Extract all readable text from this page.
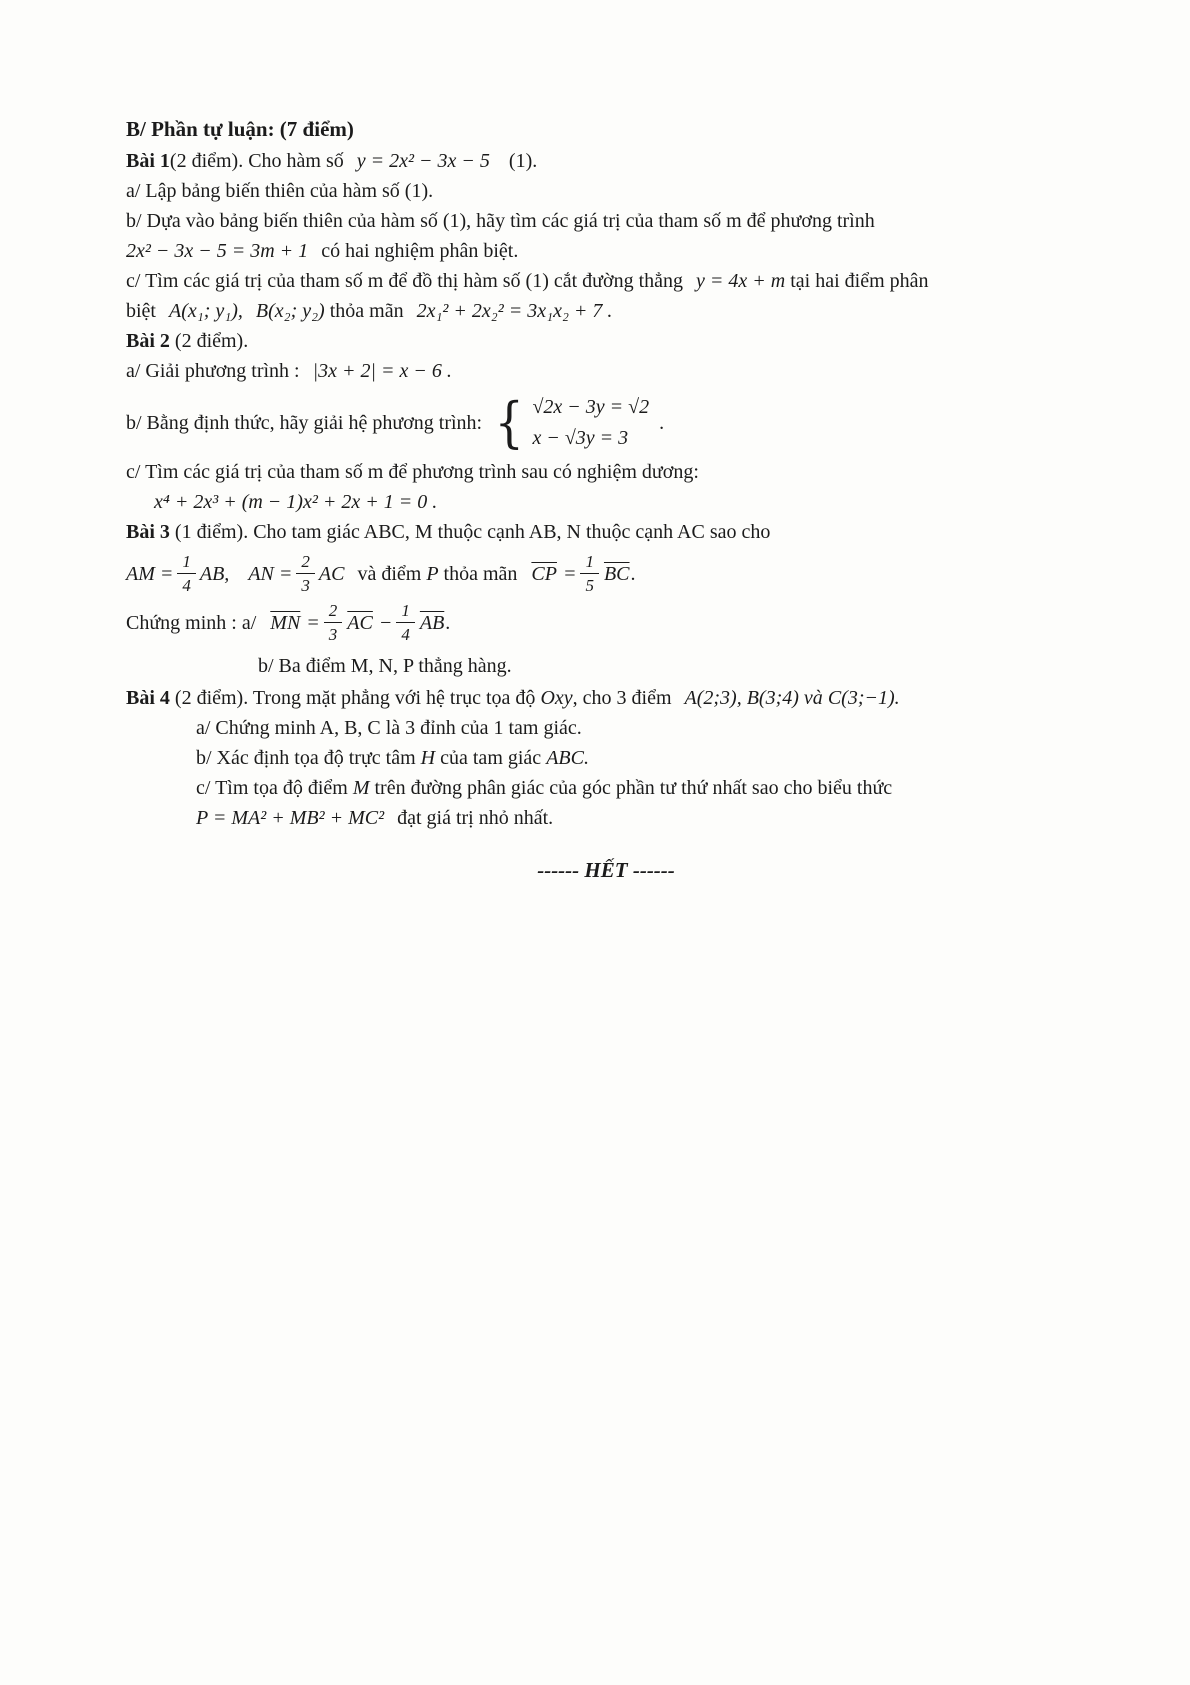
B/ Phần tự luận: (7 điểm)

Bài 1(2 điểm). Cho hàm số y = 2x² − 3x − 5 (1).

a/ Lập bảng biến thiên của hàm số (1).

b/ Dựa vào bảng biến thiên của hàm số (1), hãy tìm các giá trị của tham số m để phương trình

2x² − 3x − 5 = 3m + 1 có hai nghiệm phân biệt.

c/ Tìm các giá trị của tham số m để đồ thị hàm số (1) cắt đường thẳng y = 4x + m tại hai điểm phân

biệt A(x₁; y₁), B(x₂; y₂) thỏa mãn 2x₁² + 2x₂² = 3x₁x₂ + 7 .

Bài 2 (2 điểm).

a/ Giải phương trình : |3x + 2| = x − 6 .

b/ Bằng định thức, hãy giải hệ phương trình: { √2x − 3y = √2
x − √3y = 3
.

c/ Tìm các giá trị của tham số m để phương trình sau có nghiệm dương:

x⁴ + 2x³ + (m − 1)x² + 2x + 1 = 0 .

Bài 3 (1 điểm). Cho tam giác ABC, M thuộc cạnh AB, N thuộc cạnh AC sao cho

AM = $\frac{1}{4}$ AB, AN = $\frac{2}{3}$ AC và điểm P thỏa mãn $\overline{CP} = \frac{1}{5} \overline{BC}$.

Chứng minh : a/ $\overline{MN} = \frac{2}{3} \overline{AC} - \frac{1}{4} \overline{AB}$.

b/ Ba điểm M, N, P thẳng hàng.

Bài 4 (2 điểm). Trong mặt phẳng với hệ trục tọa độ Oxy, cho 3 điểm A(2;3), B(3;4) và C(3;−1).

a/ Chứng minh A, B, C là 3 đỉnh của 1 tam giác.

b/ Xác định tọa độ trực tâm H của tam giác ABC.

c/ Tìm tọa độ điểm M trên đường phân giác của góc phần tư thứ nhất sao cho biểu thức

P = MA² + MB² + MC² đạt giá trị nhỏ nhất.

------ HẾT ------
